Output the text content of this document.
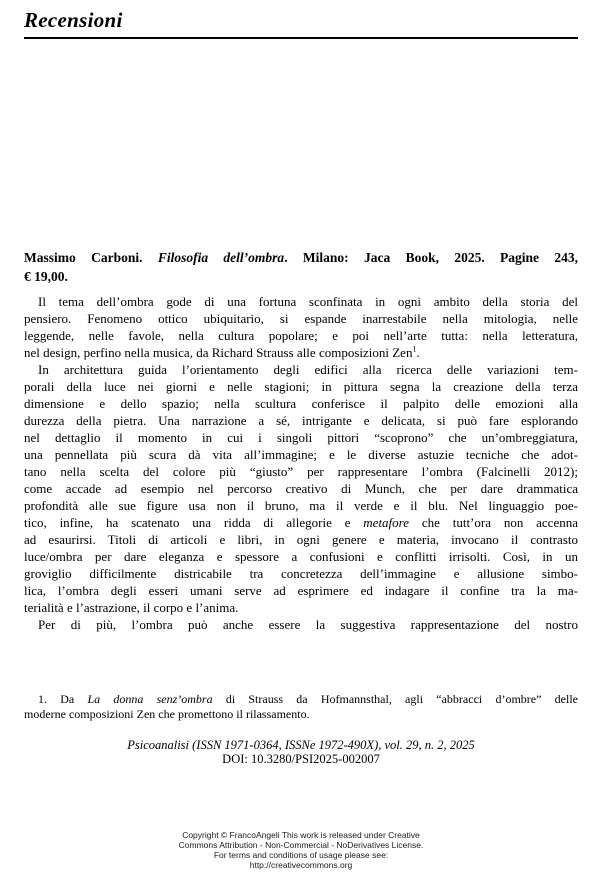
Recensioni
Massimo Carboni. Filosofia dell’ombra. Milano: Jaca Book, 2025. Pagine 243,
€ 19,00.
Il tema dell’ombra gode di una fortuna sconfinata in ogni ambito della storia del
pensiero. Fenomeno ottico ubiquitario, si espande inarrestabile nella mitologia, nelle
leggende, nelle favole, nella cultura popolare; e poi nell’arte tutta: nella letteratura,
nel design, perfino nella musica, da Richard Strauss alle composizioni Zen$^1$.
In architettura guida l’orientamento degli edifici alla ricerca delle variazioni tem-
porali della luce nei giorni e nelle stagioni; in pittura segna la creazione della terza
dimensione e dello spazio; nella scultura conferisce il palpito delle emozioni alla
durezza della pietra. Una narrazione a sé, intrigante e delicata, si può fare esplorando
nel dettaglio il momento in cui i singoli pittori “scoprono” che un’ombreggiatura,
una pennellata più scura dà vita all’immagine; e le diverse astuzie tecniche che adot-
tano nella scelta del colore più “giusto” per rappresentare l’ombra (Falcinelli 2012);
come accade ad esempio nel percorso creativo di Munch, che per dare drammatica
profondità alle sue figure usa non il bruno, ma il verde e il blu. Nel linguaggio poe-
tico, infine, ha scatenato una ridda di allegorie e metafore che tutt’ora non accenna
ad esaurirsi. Titoli di articoli e libri, in ogni genere e materia, invocano il contrasto
luce/ombra per dare eleganza e spessore a confusioni e conflitti irrisolti. Così, in un
groviglio difficilmente districabile tra concretezza dell’immagine e allusione simbo-
lica, l’ombra degli esseri umani serve ad esprimere ed indagare il confine tra la ma-
terialità e l’astrazione, il corpo e l’anima.
Per di più, l’ombra può anche essere la suggestiva rappresentazione del nostro
1. Da La donna senz’ombra di Strauss da Hofmannsthal, agli “abbracci d’ombre” delle
moderne composizioni Zen che promettono il rilassamento.
Psicoanalisi (ISSN 1971-0364, ISSNe 1972-490X), vol. 29, n. 2, 2025
DOI: 10.3280/PSI2025-002007
Copyright © FrancoAngeli This work is released under Creative
Commons Attribution - Non-Commercial - NoDerivatives License.
For terms and conditions of usage please see:
http://creativecommons.org
